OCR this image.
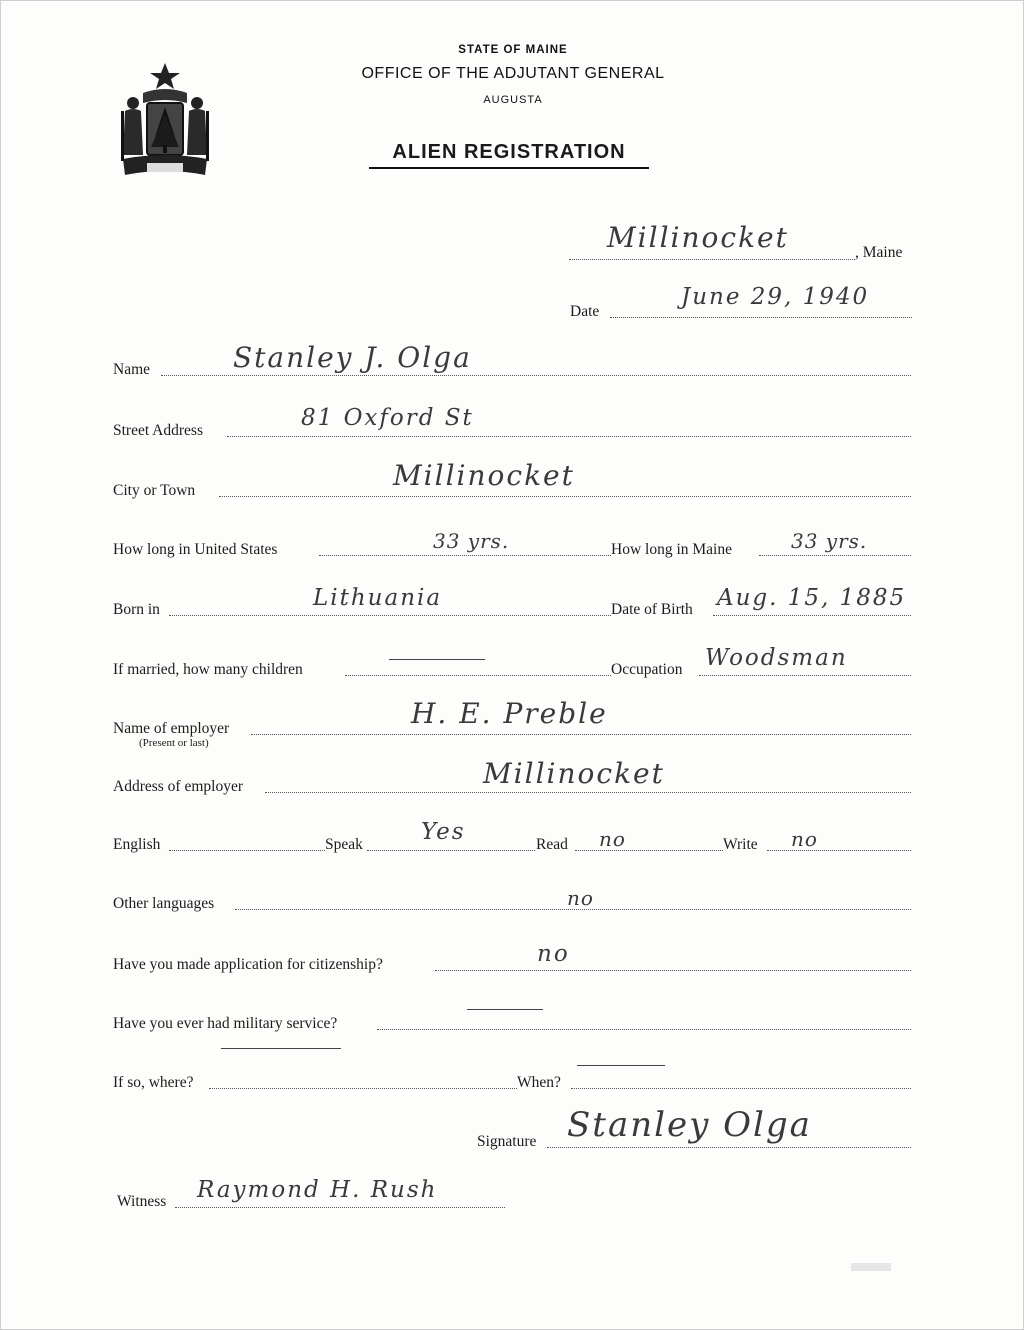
STATE OF MAINE
OFFICE OF THE ADJUTANT GENERAL
AUGUSTA
ALIEN REGISTRATION
Millinocket	, Maine
Date
June 29, 1940
Name	Stanley J. Olga
Street Address	81 Oxford St
City or Town	Millinocket
How long in United States	33 yrs.	How long in Maine	33 yrs.
Born in	Lithuania	Date of Birth Aug. 15, 1885
If married, how many children	Occupation Woodsman
Name of employer
(Present or last)
H. E. Preble
Address of employer	Millinocket
English	Speak	Yes	Read no	Write no
Other languages	no
Have you made application for citizenship?	no
Have you ever had military service?
If so, where?	When?
Signature Stanley Olga
Witness Raymond H. Rush
